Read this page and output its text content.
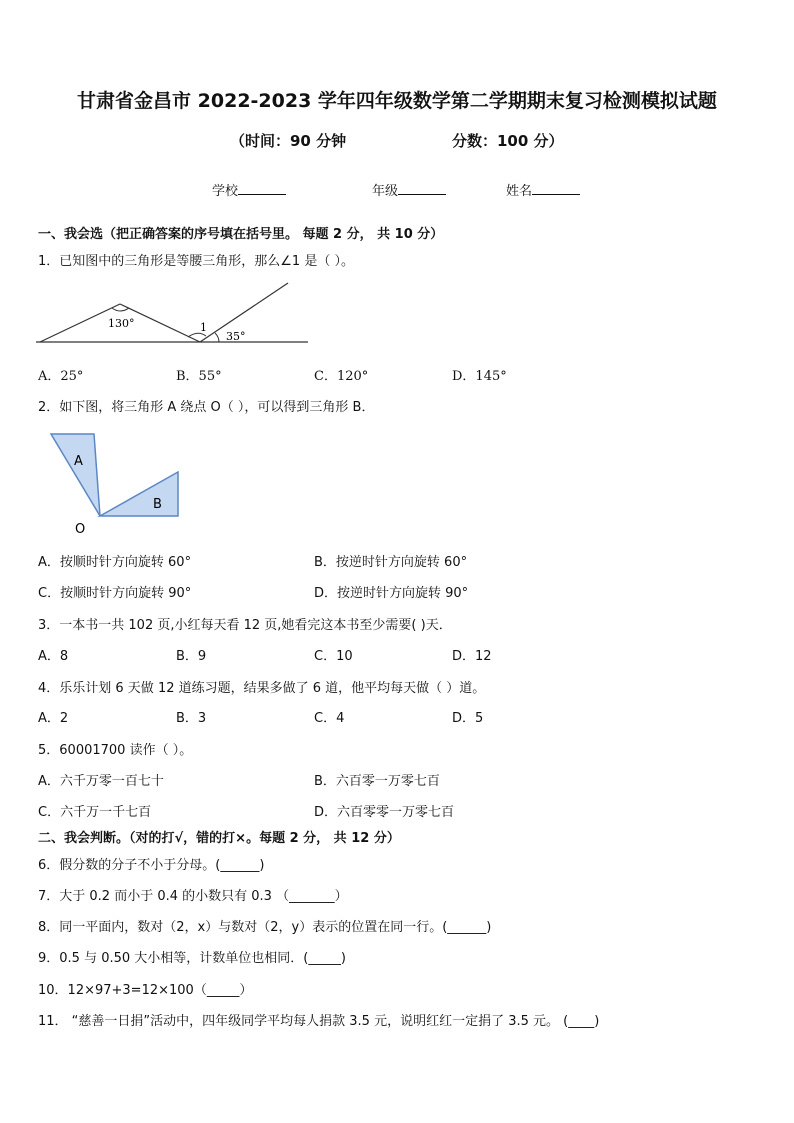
甘肃省金昌市 2022-2023 学年四年级数学第二学期期末复习检测模拟试题
（时间：90 分钟	分数：100 分）
学校	年级	姓名
一、我会选（把正确答案的序号填在括号里。 每题 2 分， 共 10 分）
1．已知图中的三角形是等腰三角形，那么∠1 是（ ）。
130°	1
35°
A．25°	B．55°	C．120°	D．145°
2．如下图，将三角形 A 绕点 O（ ），可以得到三角形 B．
A
B
O
A．按顺时针方向旋转 60°	B．按逆时针方向旋转 60°
C．按顺时针方向旋转 90°	D．按逆时针方向旋转 90°
3．一本书一共 102 页,小红每天看 12 页,她看完这本书至少需要( )天．
A．8	B．9	C．10	D．12
4．乐乐计划 6 天做 12 道练习题，结果多做了 6 道，他平均每天做（ ）道。
A．2	B．3	C．4	D．5
5．60001700 读作（ ）。
A．六千万零一百七十	B．六百零一万零七百
C．六千万一千七百	D．六百零零一万零七百
二、我会判断。（对的打√，错的打×。每题 2 分， 共 12 分）
6．假分数的分子不小于分母。(______)
7．大于 0.2 而小于 0.4 的小数只有 0.3 （_______）
8．同一平面内，数对（2，x）与数对（2，y）表示的位置在同一行。(______)
9．0.5 与 0.50 大小相等，计数单位也相同．(_____)
10．12×97+3=12×100（_____）
11． “慈善一日捐”活动中，四年级同学平均每人捐款 3.5 元，说明红红一定捐了 3.5 元。 (____)
